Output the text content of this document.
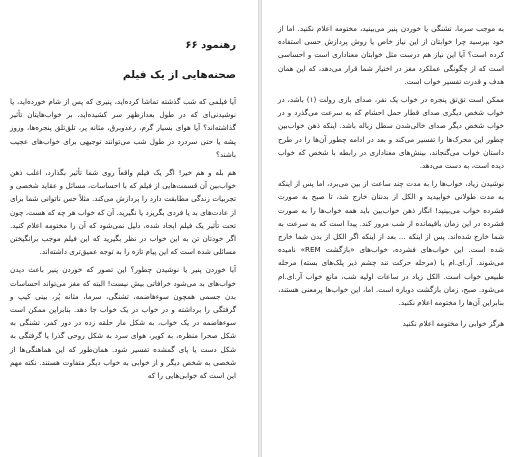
رهنمود ۶۶
صحنه‌هایی از یک فیلم

آیا فیلمی که شب گذشته تماشا کرده‌اید، پنیری که پس از شام خورده‌اید، یا نوشیدنی‌ای که در طول بعدازظهر سر کشیده‌اید، بر خواب‌هایتان تأثیر گذاشته‌اند؟ آیا هوای بسیار گرم، رعدوبرق، مثانه پر، تلق‌تلق پنجره‌ها، وزوز پشه یا حتی سردرد در طول شب می‌توانند توجیهی برای خواب‌های عجیب باشند؟

هم بله و هم خیر! اگر یک فیلم واقعاً روی شما تأثیر بگذارد، اغلب ذهن خواب‌بین آن قسمت‌هایی از فیلم که با احساسات، مسائل و عقاید شخصی و تجربیات زندگی مطابقت دارد را پردازش می‌کند. مثلاً حس ناتوانی شما برای از عادت‌های بد یا فردی بگریزد یا نگیرید. آن که خواب هر چه که هست، چون تحت تأثیر یک فیلم ایجاد شده، دلیل نمی‌شود که آن را مختومه اعلام کنید. اگر خودتان تن به این خواب در نظر بگیرید که این فیلم موجب برانگیختن مسائلی شده است که این پیام تازه را به توجه عمیق‌تری داشته‌اند.

آیا خوردن پنیر یا نوشیدن چطور؟ این تصور که خوردن پنیر باعث دیدن خواب‌های بد می‌شود خرافاتی بیش نیست! البته که مغز می‌تواند احساسات بدن جسمی همچون سوءهاضمه، تشنگی، سرما، مثانه پُر، بینی کیپ و گرفتگی را برداشته و در خواب در یک خواب جا دهد. بنابراین ممکن است سوءهاضمه در یک خواب، به شکل مار حلقه زده در دور کمر، تشنگی به شکل صحرا منظره، به کویر، هوای سرد به شکل روحی گذرا یا گرفتگی به شکل دست یا پای گمشده تفسیر شود. همان‌طور که این هماهنگی‌ها از شخصی به شخص دیگر و از خوابی به خواب دیگر متفاوت هستند. نکته مهم این است که خوابی‌هایی را که

به موجب سرما، تشنگی یا خوردن پنیر می‌بینید، مختومه اعلام نکنید. اما از خود بپرسید چرا خوابتان از این نیاز خاص یا روش پردازش حسی استفاده کرده است؟ آیا این نیاز هم درست مثل خوابتان معناداری است و احساسی است که از چگونگی عملکرد مغز در اختیار شما قرار می‌دهد، که این همان هدف و قدرت تفسیر خواب است.

ممکن است تق‌تق پنجره در خواب یک نفر، صدای بازی رولت (۱) باشد، در خواب شخص دیگری صدای قطار حمل احشام که به سرعت می‌گذرد و در خواب شخص دیگر صدای خالی‌شدن سطل زباله باشد. اینکه ذهن خواب‌بین چطور این محرک‌ها را تفسیر می‌کند و بعد در ادامه چطور آن‌ها را در طرح داستان خواب می‌گنجاند، بینش‌های معناداری در رابطه با شخص که خواب دیده است، به دست می‌دهد.

نوشیدن زیاد، خواب‌ها را به مدت چند ساعت از بین می‌برد، اما پس از اینکه به مدت طولانی خوابیدید و الکل از بدنتان خارج شد، تا صبح به صورت فشرده خواب می‌بینید! انگار ذهن خواب‌بین باید همه خواب‌ها را به صورت فشرده در این زمان باقیمانده از شب مرور کند. پیدا است که به سرعت به شما خارج شده‌اند. پس از اینکه ... بعد از اینکه اگر الکل از بدن شما خارج شده است. این خواب‌های فشرده، خواب‌های «بازگشت REM» نامیده می‌شوند. آر.ای.ام یا (مرحله حرکت تند چشم ذیر پلک‌های بسته) مرحله طبیعی خواب است. الکل زیاد در ساعات اولیه شب، مانع خواب آر.ای.ام می‌شود. صبح، زمان بازگشت دوباره است. اما، این خواب‌ها پرمعنی هستند، بنابراین آن‌ها را مختومه اعلام نکنید.

هرگز خوابی را مختومه اعلام نکنید
